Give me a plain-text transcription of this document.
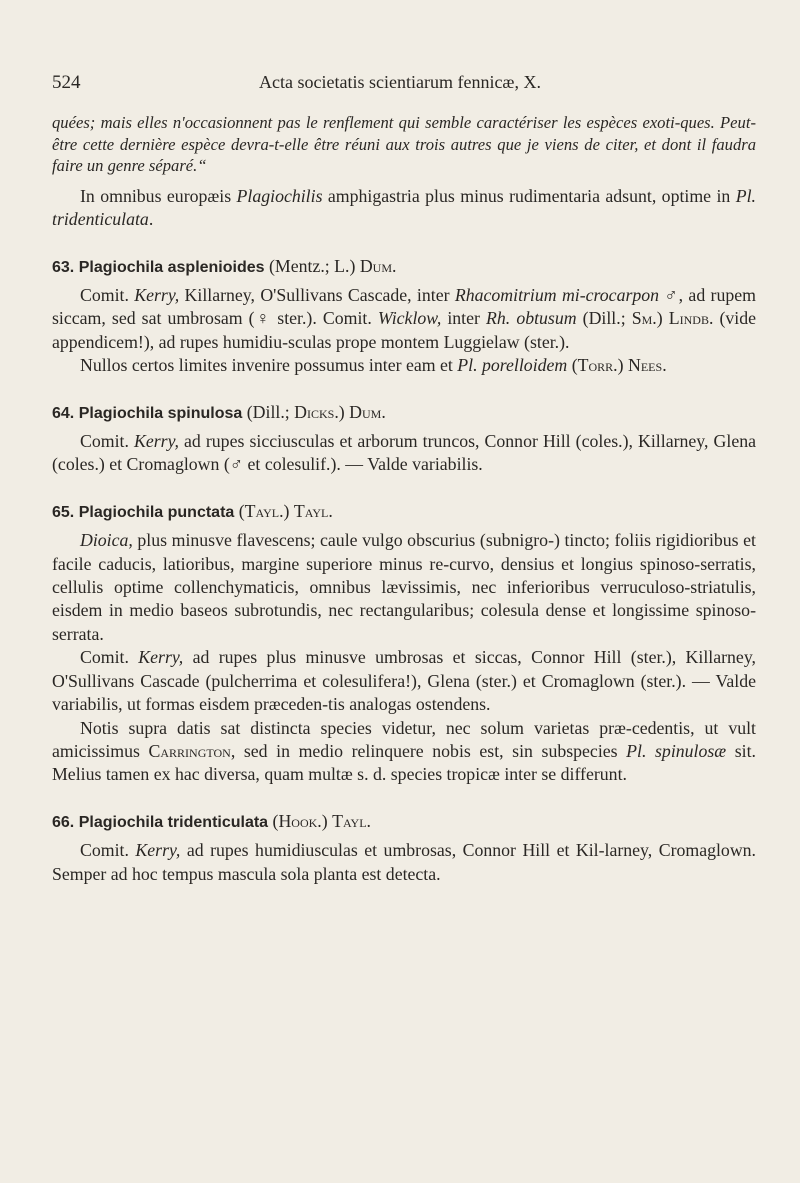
524	Acta societatis scientiarum fennicæ, X.

quées; mais elles n'occasionnent pas le renflement qui semble caractériser les espèces exoti-ques. Peut-être cette dernière espèce devra-t-elle être réuni aux trois autres que je viens de citer, et dont il faudra faire un genre séparé.“

In omnibus europæis Plagiochilis amphigastria plus minus rudimentaria adsunt, optime in Pl. tridenticulata.

63. Plagiochila asplenioides (Mentz.; L.) Dum.

Comit. Kerry, Killarney, O'Sullivans Cascade, inter Rhacomitrium mi-crocarpon ♂, ad rupem siccam, sed sat umbrosam (♀ ster.). Comit. Wicklow, inter Rh. obtusum (Dill.; Sm.) Lindb. (vide appendicem!), ad rupes humidiu-sculas prope montem Luggielaw (ster.).

Nullos certos limites invenire possumus inter eam et Pl. porelloidem (Torr.) Nees.

64. Plagiochila spinulosa (Dill.; Dicks.) Dum.

Comit. Kerry, ad rupes sicciusculas et arborum truncos, Connor Hill (coles.), Killarney, Glena (coles.) et Cromaglown (♂ et colesulif.). — Valde variabilis.

65. Plagiochila punctata (Tayl.) Tayl.

Dioica, plus minusve flavescens; caule vulgo obscurius (subnigro-) tincto; foliis rigidioribus et facile caducis, latioribus, margine superiore minus re-curvo, densius et longius spinoso-serratis, cellulis optime collenchymaticis, omnibus lævissimis, nec inferioribus verruculoso-striatulis, eisdem in medio baseos subrotundis, nec rectangularibus; colesula dense et longissime spinoso-serrata.

Comit. Kerry, ad rupes plus minusve umbrosas et siccas, Connor Hill (ster.), Killarney, O'Sullivans Cascade (pulcherrima et colesulifera!), Glena (ster.) et Cromaglown (ster.). — Valde variabilis, ut formas eisdem præceden-tis analogas ostendens.

Notis supra datis sat distincta species videtur, nec solum varietas præ-cedentis, ut vult amicissimus Carrington, sed in medio relinquere nobis est, sin subspecies Pl. spinulosæ sit. Melius tamen ex hac diversa, quam multæ s. d. species tropicæ inter se differunt.

66. Plagiochila tridenticulata (Hook.) Tayl.

Comit. Kerry, ad rupes humidiusculas et umbrosas, Connor Hill et Kil-larney, Cromaglown. Semper ad hoc tempus mascula sola planta est detecta.
